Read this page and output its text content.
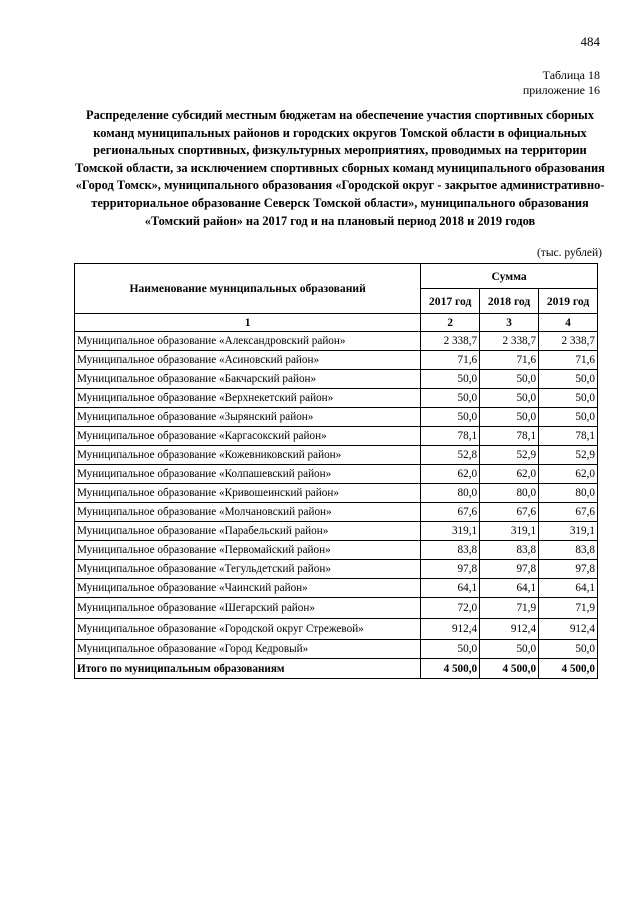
484
Таблица 18
приложение 16
Распределение субсидий местным бюджетам на обеспечение участия спортивных сборных команд муниципальных районов и городских округов Томской области в официальных региональных спортивных, физкультурных мероприятиях, проводимых на территории Томской области, за исключением спортивных сборных команд муниципального образования «Город Томск», муниципального образования «Городской округ - закрытое административно-территориальное образование Северск Томской области», муниципального образования «Томский район» на 2017 год и на плановый период 2018 и 2019 годов
(тыс. рублей)
Наименование муниципальных образований	Сумма		
	2017 год	2018 год	2019 год
1	2	3	4
Муниципальное образование «Александровский район»	2 338,7	2 338,7	2 338,7
Муниципальное образование «Асиновский район»	71,6	71,6	71,6
Муниципальное образование «Бакчарский район»	50,0	50,0	50,0
Муниципальное образование «Верхнекетский район»	50,0	50,0	50,0
Муниципальное образование «Зырянский район»	50,0	50,0	50,0
Муниципальное образование «Каргасокский район»	78,1	78,1	78,1
Муниципальное образование «Кожевниковский район»	52,8	52,9	52,9
Муниципальное образование «Колпашевский район»	62,0	62,0	62,0
Муниципальное образование «Кривошеинский район»	80,0	80,0	80,0
Муниципальное образование «Молчановский район»	67,6	67,6	67,6
Муниципальное образование «Парабельский район»	319,1	319,1	319,1
Муниципальное образование «Первомайский район»	83,8	83,8	83,8
Муниципальное образование «Тегульдетский район»	97,8	97,8	97,8
Муниципальное образование «Чаинский район»	64,1	64,1	64,1
Муниципальное образование «Шегарский район»	72,0	71,9	71,9
Муниципальное образование «Городской округ Стрежевой»	912,4	912,4	912,4
Муниципальное образование «Город Кедровый»	50,0	50,0	50,0
Итого по муниципальным образованиям	4 500,0	4 500,0	4 500,0
